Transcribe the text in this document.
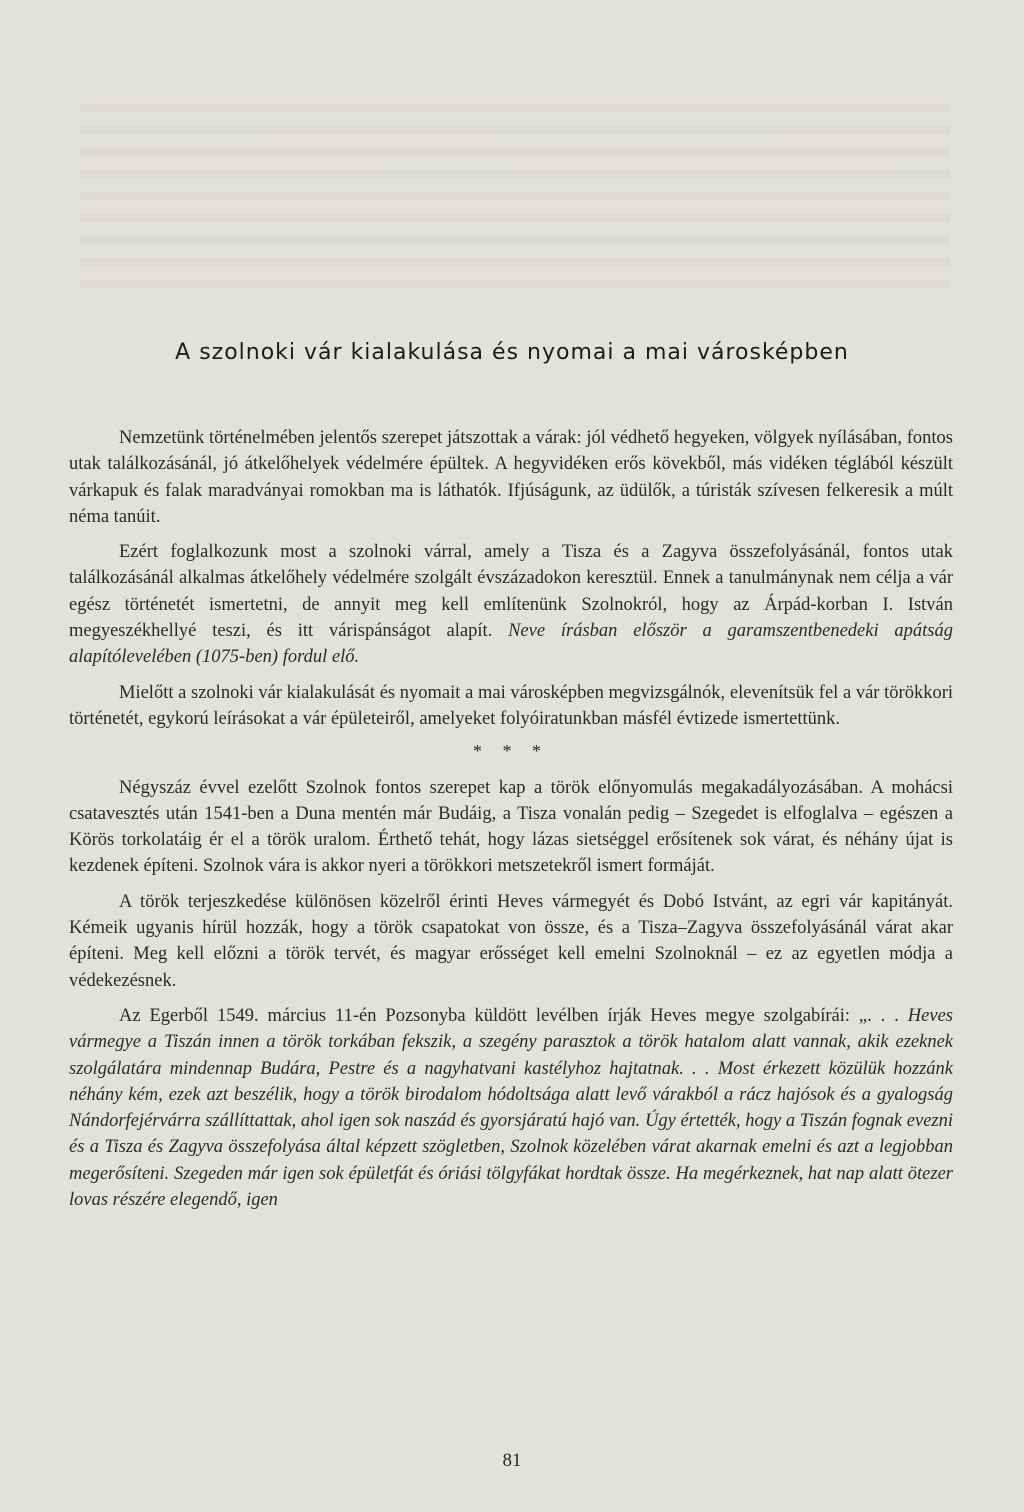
A szolnoki vár kialakulása és nyomai a mai városképben

Nemzetünk történelmében jelentős szerepet játszottak a várak: jól védhető hegyeken, völgyek nyílásában, fontos utak találkozásánál, jó átkelőhelyek védelmére épültek. A hegyvidéken erős kövekből, más vidéken téglából készült várkapuk és falak maradványai romokban ma is láthatók. Ifjúságunk, az üdülők, a túristák szívesen felkeresik a múlt néma tanúit.

Ezért foglalkozunk most a szolnoki várral, amely a Tisza és a Zagyva összefolyásánál, fontos utak találkozásánál alkalmas átkelőhely védelmére szolgált évszázadokon keresztül. Ennek a tanulmánynak nem célja a vár egész történetét ismertetni, de annyit meg kell említenünk Szolnokról, hogy az Árpád-korban I. István megyeszékhellyé teszi, és itt várispánságot alapít. Neve írásban először a garamszentbenedeki apátság alapítólevelében (1075-ben) fordul elő.

Mielőtt a szolnoki vár kialakulását és nyomait a mai városképben megvizsgálnók, elevenítsük fel a vár törökkori történetét, egykorú leírásokat a vár épületeiről, amelyeket folyóiratunkban másfél évtizede ismertettünk.

* * *

Négyszáz évvel ezelőtt Szolnok fontos szerepet kap a török előnyomulás megakadályozásában. A mohácsi csatavesztés után 1541-ben a Duna mentén már Budáig, a Tisza vonalán pedig – Szegedet is elfoglalva – egészen a Körös torkolatáig ér el a török uralom. Érthető tehát, hogy lázas sietséggel erősítenek sok várat, és néhány újat is kezdenek építeni. Szolnok vára is akkor nyeri a törökkori metszetekről ismert formáját.

A török terjeszkedése különösen közelről érinti Heves vármegyét és Dobó Istvánt, az egri vár kapitányát. Kémeik ugyanis hírül hozzák, hogy a török csapatokat von össze, és a Tisza–Zagyva összefolyásánál várat akar építeni. Meg kell előzni a török tervét, és magyar erősséget kell emelni Szolnoknál – ez az egyetlen módja a védekezésnek.

Az Egerből 1549. március 11-én Pozsonyba küldött levélben írják Heves megye szolgabírái: „. . . Heves vármegye a Tiszán innen a török torkában fekszik, a szegény parasztok a török hatalom alatt vannak, akik ezeknek szolgálatára mindennap Budára, Pestre és a nagyhatvani kastélyhoz hajtatnak. . . Most érkezett közülük hozzánk néhány kém, ezek azt beszélik, hogy a török birodalom hódoltsága alatt levő várakból a rácz hajósok és a gyalogság Nándorfejérvárra szállíttattak, ahol igen sok naszád és gyorsjáratú hajó van. Úgy értették, hogy a Tiszán fognak evezni és a Tisza és Zagyva összefolyása által képzett szögletben, Szolnok közelében várat akarnak emelni és azt a legjobban megerősíteni. Szegeden már igen sok épületfát és óriási tölgyfákat hordtak össze. Ha megérkeznek, hat nap alatt ötezer lovas részére elegendő, igen

81
